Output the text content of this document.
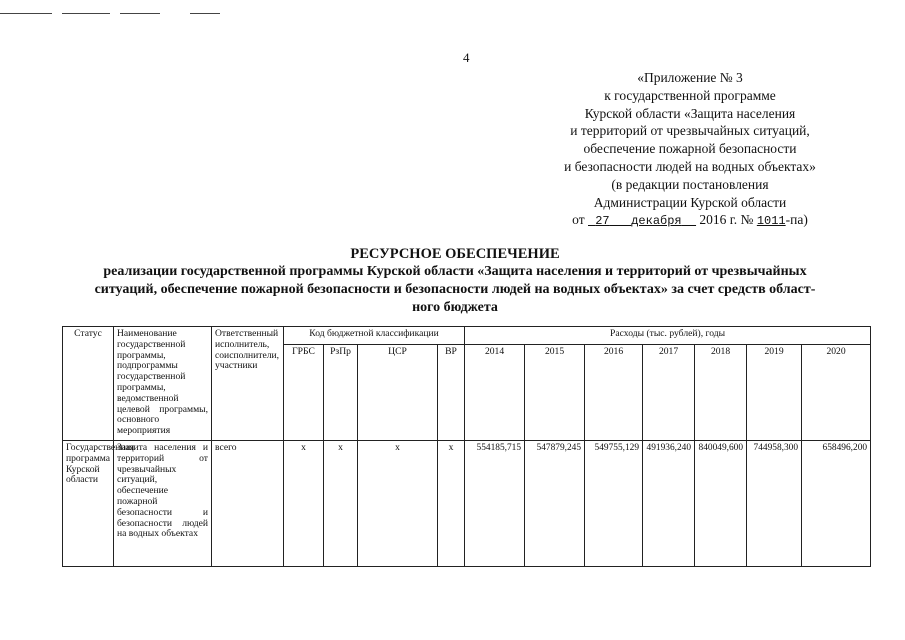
4
«Приложение № 3
к государственной программе
Курской области «Защита населения
и территорий от чрезвычайных ситуаций,
обеспечение пожарной безопасности
и безопасности людей на водных объектах»
(в редакции постановления
Администрации Курской области
от 27 декабря 2016 г. № 1011-па)
РЕСУРСНОЕ ОБЕСПЕЧЕНИЕ
реализации государственной программы Курской области «Защита населения и территорий от чрезвычайных
ситуаций, обеспечение пожарной безопасности и безопасности людей на водных объектах» за счет средств област-
ного бюджета
Статус	Наименование государственной программы, подпрограммы государственной программы, ведомственной целевой программы, основного мероприятия	Ответственный исполнитель, соисполнители, участники	Код бюджетной классификации				Расходы (тыс. рублей), годы						
			ГРБС	РзПр	ЦСР	ВР	2014	2015	2016	2017	2018	2019	2020
Государственная программа Курской области	Защита населения и территорий от чрезвычайных ситуаций, обеспечение пожарной безопасности и безопасности людей на водных объектах	всего	х	х	х	х	554185,715	547879,245	549755,129	491936,240	840049,600	744958,300	658496,200
